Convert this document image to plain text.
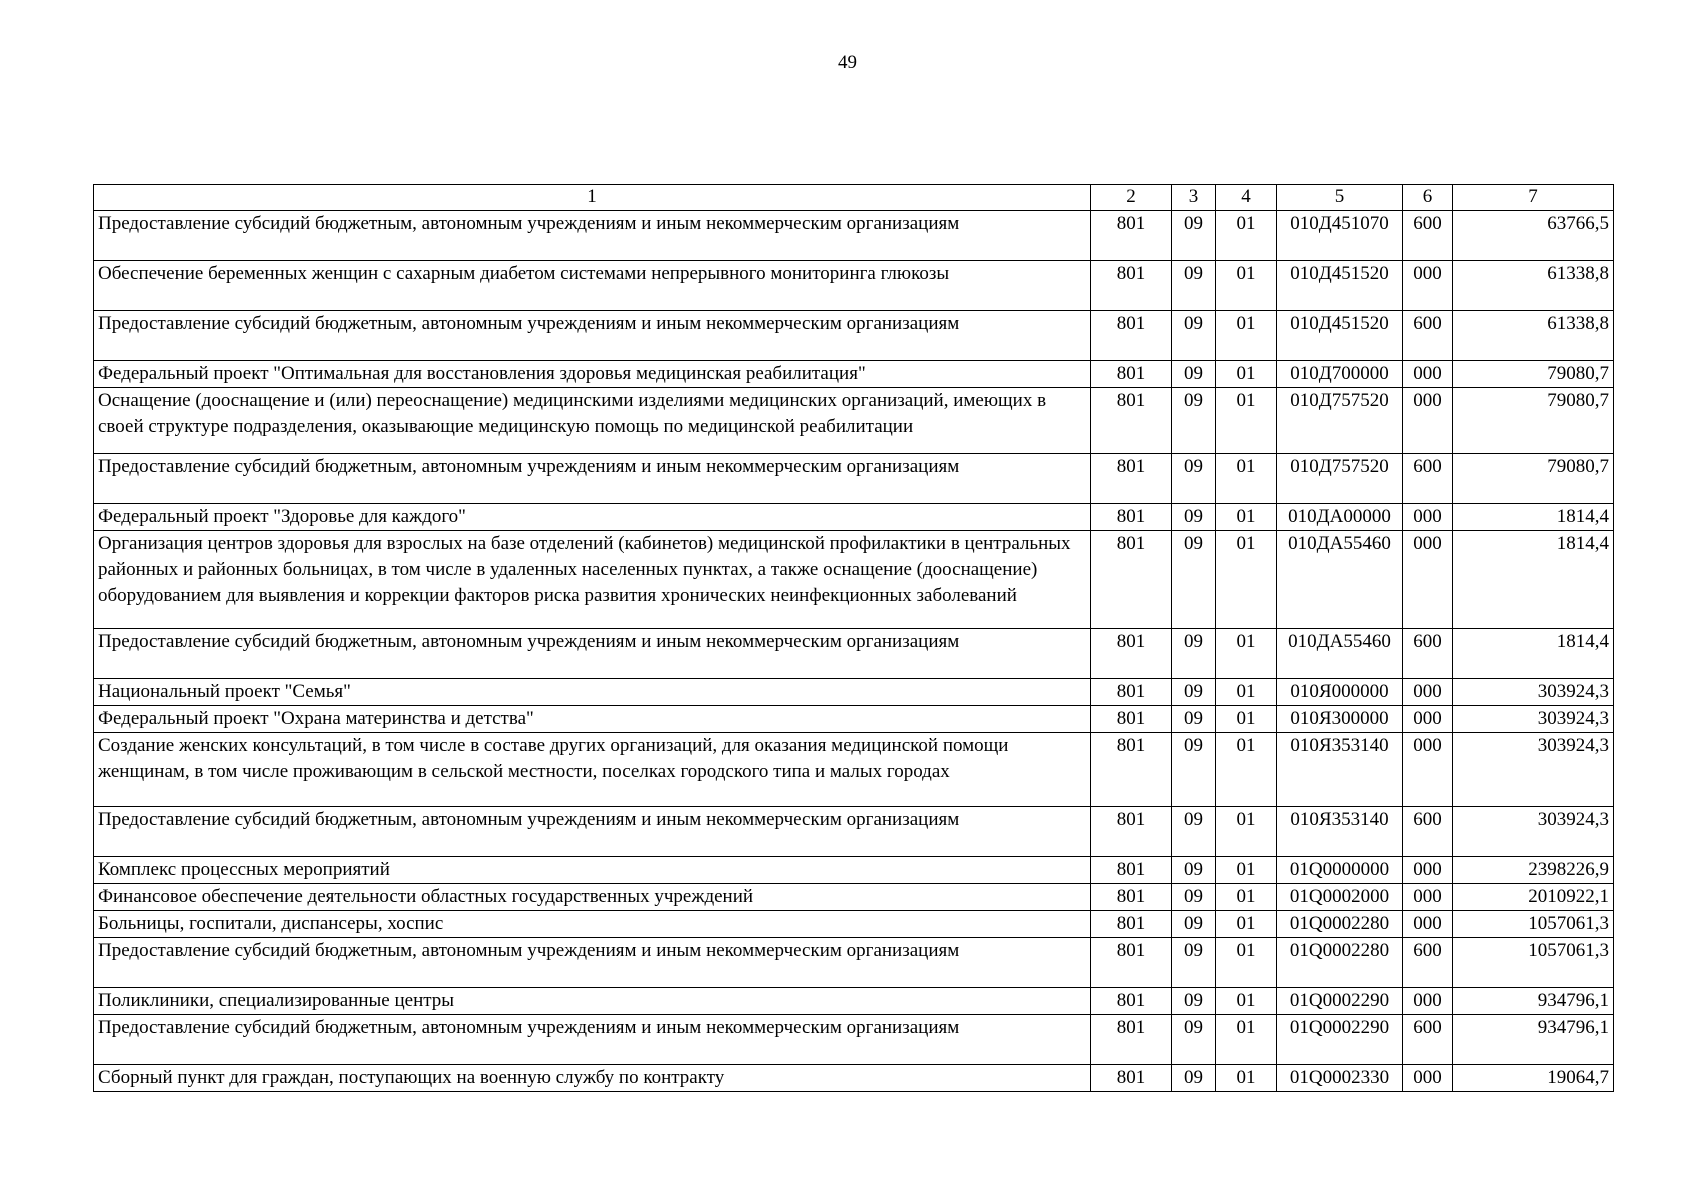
49
1	2	3	4	5	6	7
Предоставление субсидий бюджетным, автономным учреждениям и иным некоммерческим организациям	801	09	01	010Д451070	600	63766,5
Обеспечение беременных женщин с сахарным диабетом системами непрерывного мониторинга глюкозы	801	09	01	010Д451520	000	61338,8
Предоставление субсидий бюджетным, автономным учреждениям и иным некоммерческим организациям	801	09	01	010Д451520	600	61338,8
Федеральный проект "Оптимальная для восстановления здоровья медицинская реабилитация"	801	09	01	010Д700000	000	79080,7
Оснащение (дооснащение и (или) переоснащение) медицинскими изделиями медицинских организаций, имеющих в своей структуре подразделения, оказывающие медицинскую помощь по медицинской реабилитации	801	09	01	010Д757520	000	79080,7
Предоставление субсидий бюджетным, автономным учреждениям и иным некоммерческим организациям	801	09	01	010Д757520	600	79080,7
Федеральный проект "Здоровье для каждого"	801	09	01	010ДА00000	000	1814,4
Организация центров здоровья для взрослых на базе отделений (кабинетов) медицинской профилактики в центральных районных и районных больницах, в том числе в удаленных населенных пунктах, а также оснащение (дооснащение) оборудованием для выявления и коррекции факторов риска развития хронических неинфекционных заболеваний	801	09	01	010ДА55460	000	1814,4
Предоставление субсидий бюджетным, автономным учреждениям и иным некоммерческим организациям	801	09	01	010ДА55460	600	1814,4
Национальный проект "Семья"	801	09	01	010Я000000	000	303924,3
Федеральный проект "Охрана материнства и детства"	801	09	01	010Я300000	000	303924,3
Создание женских консультаций, в том числе в составе других организаций, для оказания медицинской помощи женщинам, в том числе проживающим в сельской местности, поселках городского типа и малых городах	801	09	01	010Я353140	000	303924,3
Предоставление субсидий бюджетным, автономным учреждениям и иным некоммерческим организациям	801	09	01	010Я353140	600	303924,3
Комплекс процессных мероприятий	801	09	01	01Q0000000	000	2398226,9
Финансовое обеспечение деятельности областных государственных учреждений	801	09	01	01Q0002000	000	2010922,1
Больницы, госпитали, диспансеры, хоспис	801	09	01	01Q0002280	000	1057061,3
Предоставление субсидий бюджетным, автономным учреждениям и иным некоммерческим организациям	801	09	01	01Q0002280	600	1057061,3
Поликлиники, специализированные центры	801	09	01	01Q0002290	000	934796,1
Предоставление субсидий бюджетным, автономным учреждениям и иным некоммерческим организациям	801	09	01	01Q0002290	600	934796,1
Сборный пункт для граждан, поступающих на военную службу по контракту	801	09	01	01Q0002330	000	19064,7
